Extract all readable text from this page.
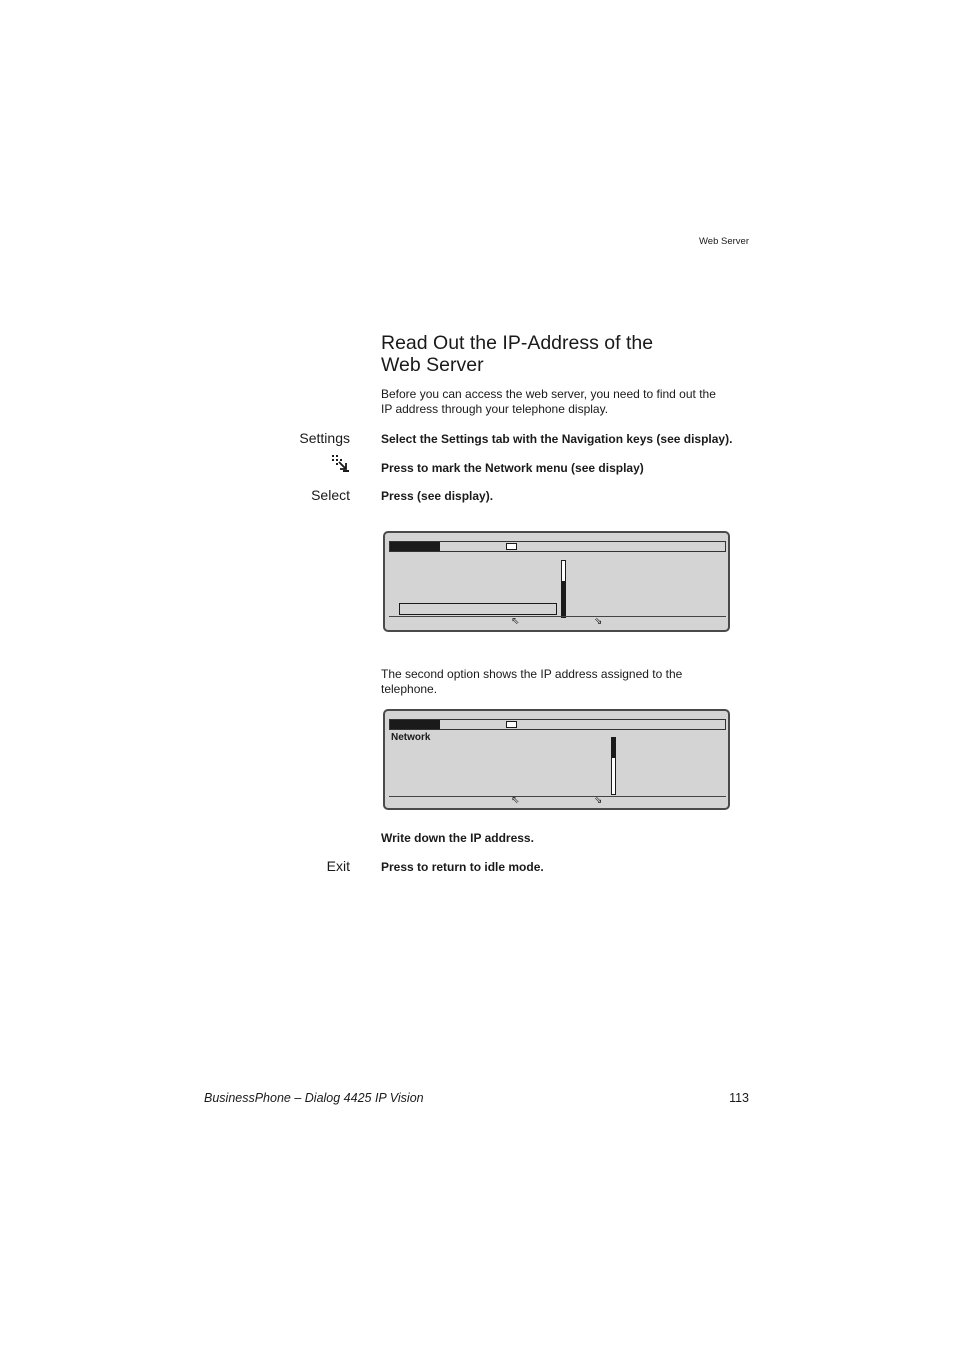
Web Server
Read Out the IP-Address of the
Web Server
Before you can access the web server, you need to find out the
IP address through your telephone display.
Settings	Select the Settings tab with the Navigation keys (see display).
Press to mark the Network menu (see display)
Select	Press (see display).
⇖	⇘
The second option shows the IP address assigned to the
telephone.
Network
⇖	⇘
Write down the IP address.
Exit	Press to return to idle mode.
BusinessPhone – Dialog 4425 IP Vision	113
